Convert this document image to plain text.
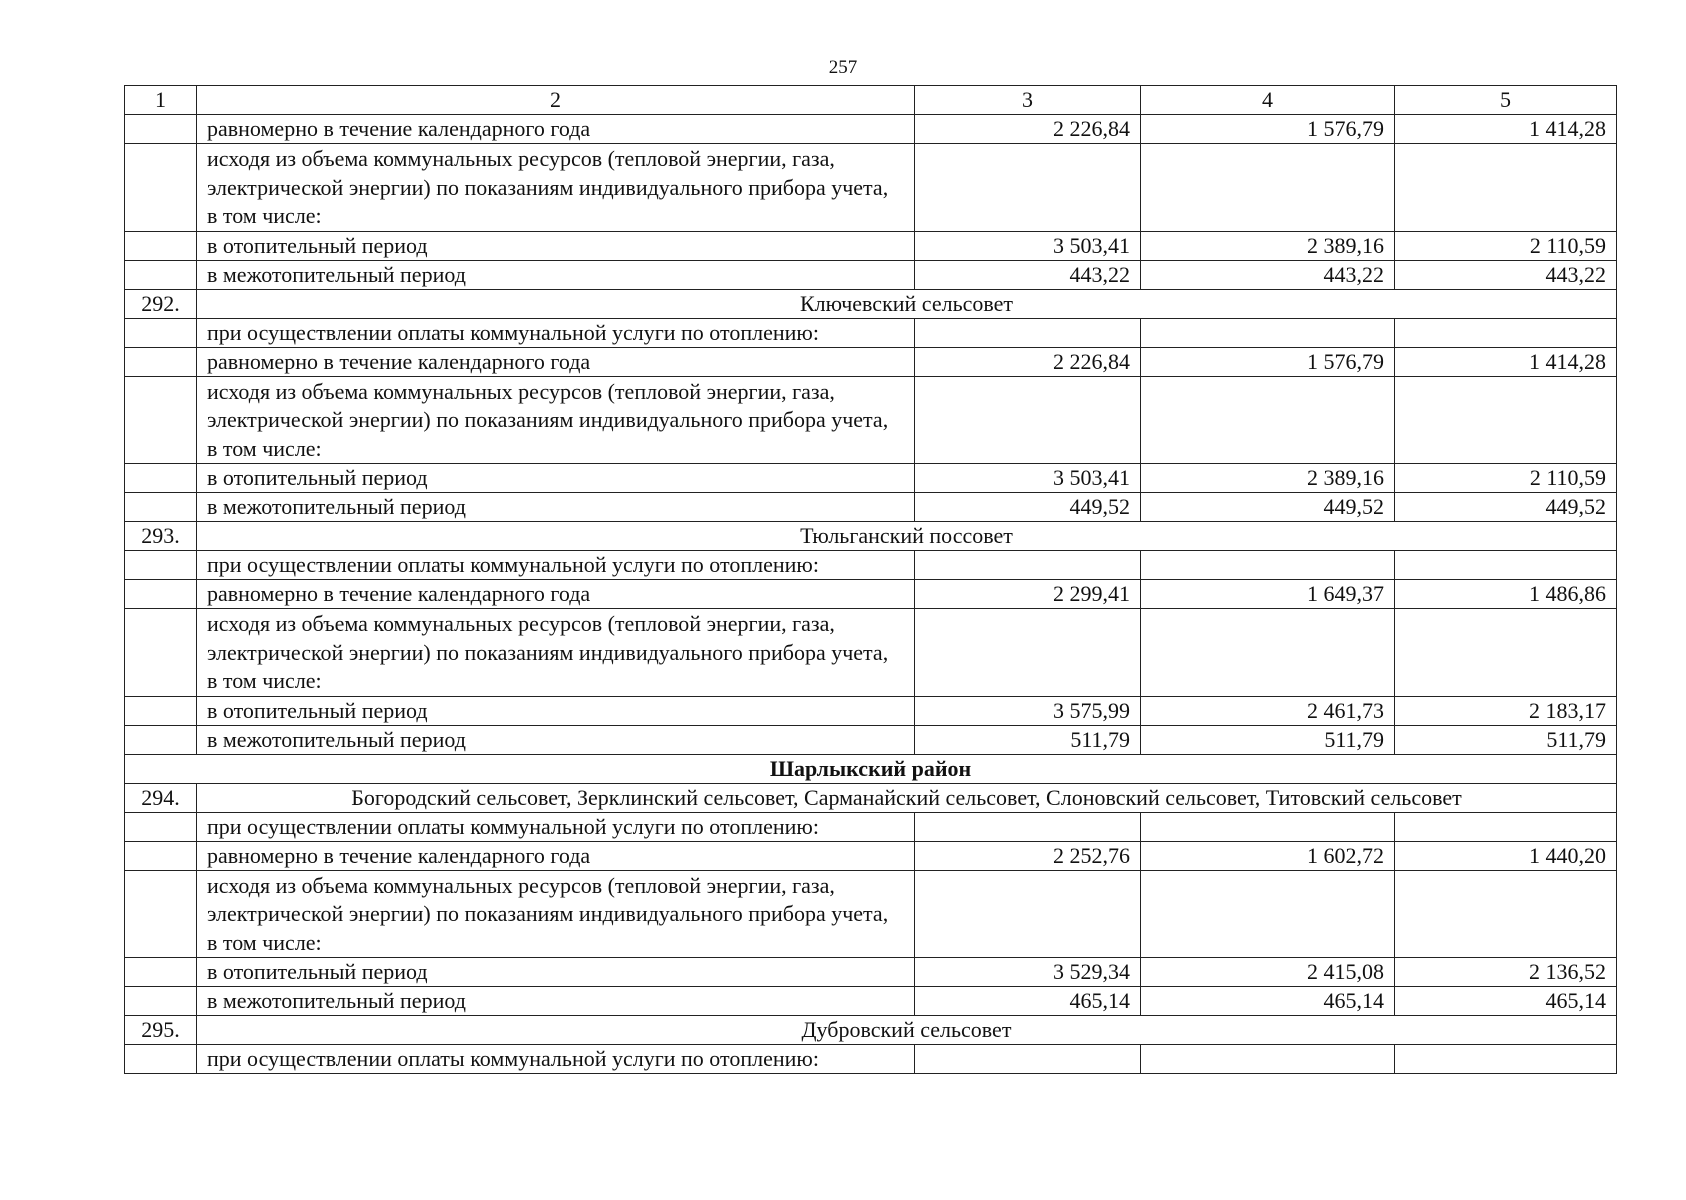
257
1	2	3	4	5
	равномерно в течение календарного года	2 226,84	1 576,79	1 414,28
	исходя из объема коммунальных ресурсов (тепловой энергии, газа, электрической энергии) по показаниям индивидуального прибора учета, в том числе:			
	в отопительный период	3 503,41	2 389,16	2 110,59
	в межотопительный период	443,22	443,22	443,22
292.	Ключевский сельсовет			
	при осуществлении оплаты коммунальной услуги по отоплению:			
	равномерно в течение календарного года	2 226,84	1 576,79	1 414,28
	исходя из объема коммунальных ресурсов (тепловой энергии, газа, электрической энергии) по показаниям индивидуального прибора учета, в том числе:			
	в отопительный период	3 503,41	2 389,16	2 110,59
	в межотопительный период	449,52	449,52	449,52
293.	Тюльганский поссовет			
	при осуществлении оплаты коммунальной услуги по отоплению:			
	равномерно в течение календарного года	2 299,41	1 649,37	1 486,86
	исходя из объема коммунальных ресурсов (тепловой энергии, газа, электрической энергии) по показаниям индивидуального прибора учета, в том числе:			
	в отопительный период	3 575,99	2 461,73	2 183,17
	в межотопительный период	511,79	511,79	511,79
Шарлыкский район				
294.	Богородский сельсовет, Зерклинский сельсовет, Сарманайский сельсовет, Слоновский сельсовет, Титовский сельсовет			
	при осуществлении оплаты коммунальной услуги по отоплению:			
	равномерно в течение календарного года	2 252,76	1 602,72	1 440,20
	исходя из объема коммунальных ресурсов (тепловой энергии, газа, электрической энергии) по показаниям индивидуального прибора учета, в том числе:			
	в отопительный период	3 529,34	2 415,08	2 136,52
	в межотопительный период	465,14	465,14	465,14
295.	Дубровский сельсовет			
	при осуществлении оплаты коммунальной услуги по отоплению:			
